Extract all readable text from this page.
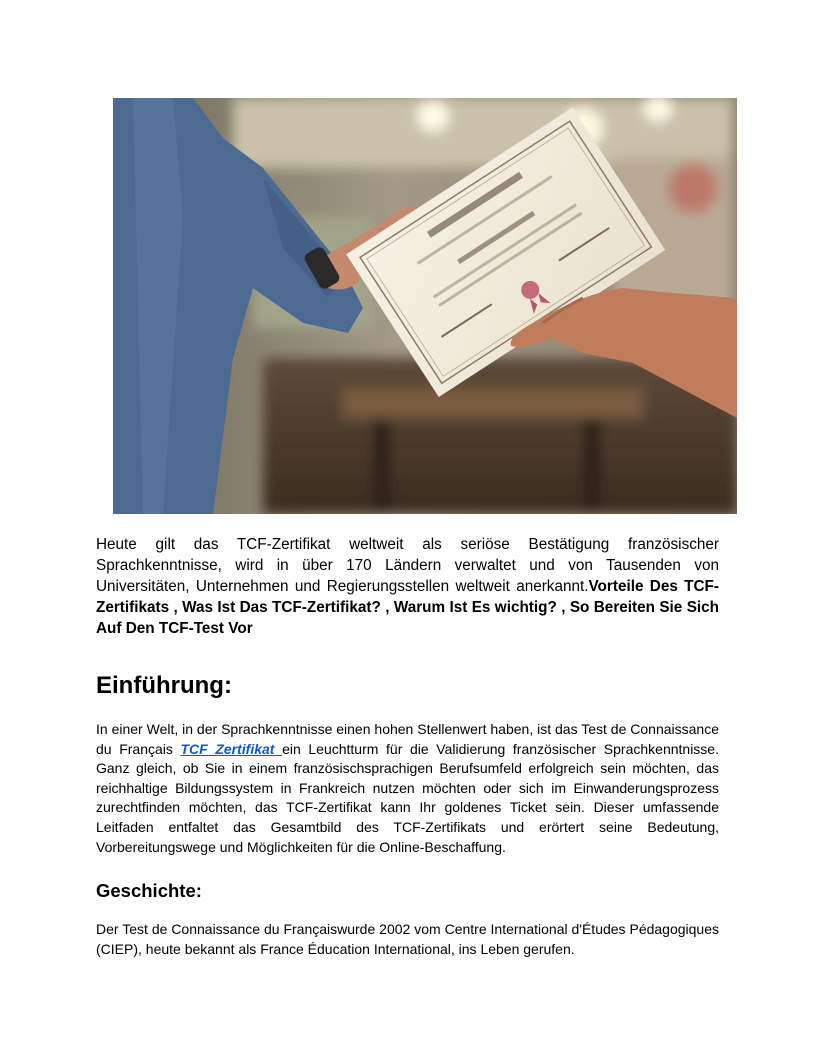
Heute gilt das TCF-Zertifikat weltweit als seriöse Bestätigung französischer Sprachkenntnisse, wird in über 170 Ländern verwaltet und von Tausenden von Universitäten, Unternehmen und Regierungsstellen weltweit anerkannt.Vorteile Des TCF-Zertifikats , Was Ist Das TCF-Zertifikat? , Warum Ist Es wichtig? , So Bereiten Sie Sich Auf Den TCF-Test Vor
Einführung:
In einer Welt, in der Sprachkenntnisse einen hohen Stellenwert haben, ist das Test de Connaissance du Français TCF Zertifikat ein Leuchtturm für die Validierung französischer Sprachkenntnisse. Ganz gleich, ob Sie in einem französischsprachigen Berufsumfeld erfolgreich sein möchten, das reichhaltige Bildungssystem in Frankreich nutzen möchten oder sich im Einwanderungsprozess zurechtfinden möchten, das TCF-Zertifikat kann Ihr goldenes Ticket sein. Dieser umfassende Leitfaden entfaltet das Gesamtbild des TCF-Zertifikats und erörtert seine Bedeutung, Vorbereitungswege und Möglichkeiten für die Online-Beschaffung.
Geschichte:
Der Test de Connaissance du Françaiswurde 2002 vom Centre International d'Études Pédagogiques (CIEP), heute bekannt als France Éducation International, ins Leben gerufen.
